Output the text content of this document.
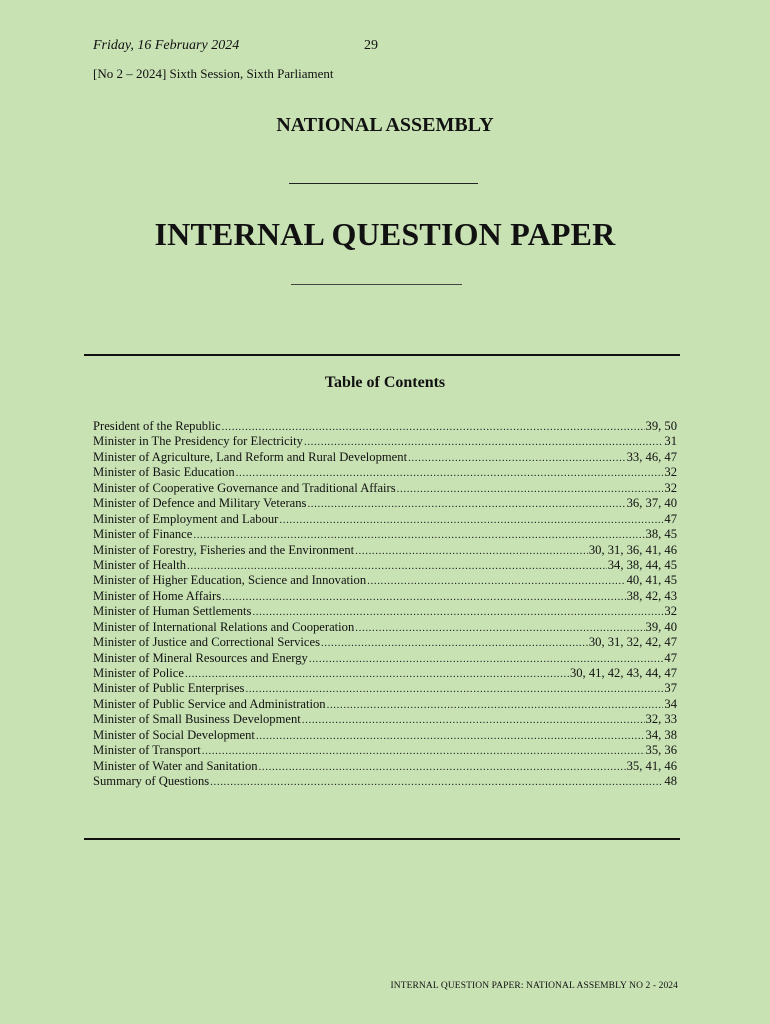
Friday, 16 February 2024	29
[No 2 – 2024] Sixth Session, Sixth Parliament
NATIONAL ASSEMBLY
INTERNAL QUESTION PAPER
Table of Contents
President of the Republic .....	39, 50
Minister in The Presidency for Electricity .....	31
Minister of Agriculture, Land Reform and Rural Development .....	33, 46, 47
Minister of Basic Education .....	32
Minister of Cooperative Governance and Traditional Affairs .....	32
Minister of Defence and Military Veterans .....	36, 37, 40
Minister of Employment and Labour .....	47
Minister of Finance .....	38, 45
Minister of Forestry, Fisheries and the Environment .....	30, 31, 36, 41, 46
Minister of Health .....	34, 38, 44, 45
Minister of Higher Education, Science and Innovation .....	40, 41, 45
Minister of Home Affairs .....	38, 42, 43
Minister of Human Settlements .....	32
Minister of International Relations and Cooperation .....	39, 40
Minister of Justice and Correctional Services .....	30, 31, 32, 42, 47
Minister of Mineral Resources and Energy .....	47
Minister of Police .....	30, 41, 42, 43, 44, 47
Minister of Public Enterprises .....	37
Minister of Public Service and Administration .....	34
Minister of Small Business Development .....	32, 33
Minister of Social Development .....	34, 38
Minister of Transport .....	35, 36
Minister of Water and Sanitation .....	35, 41, 46
Summary of Questions .....	48
INTERNAL QUESTION PAPER: NATIONAL ASSEMBLY NO 2 - 2024
